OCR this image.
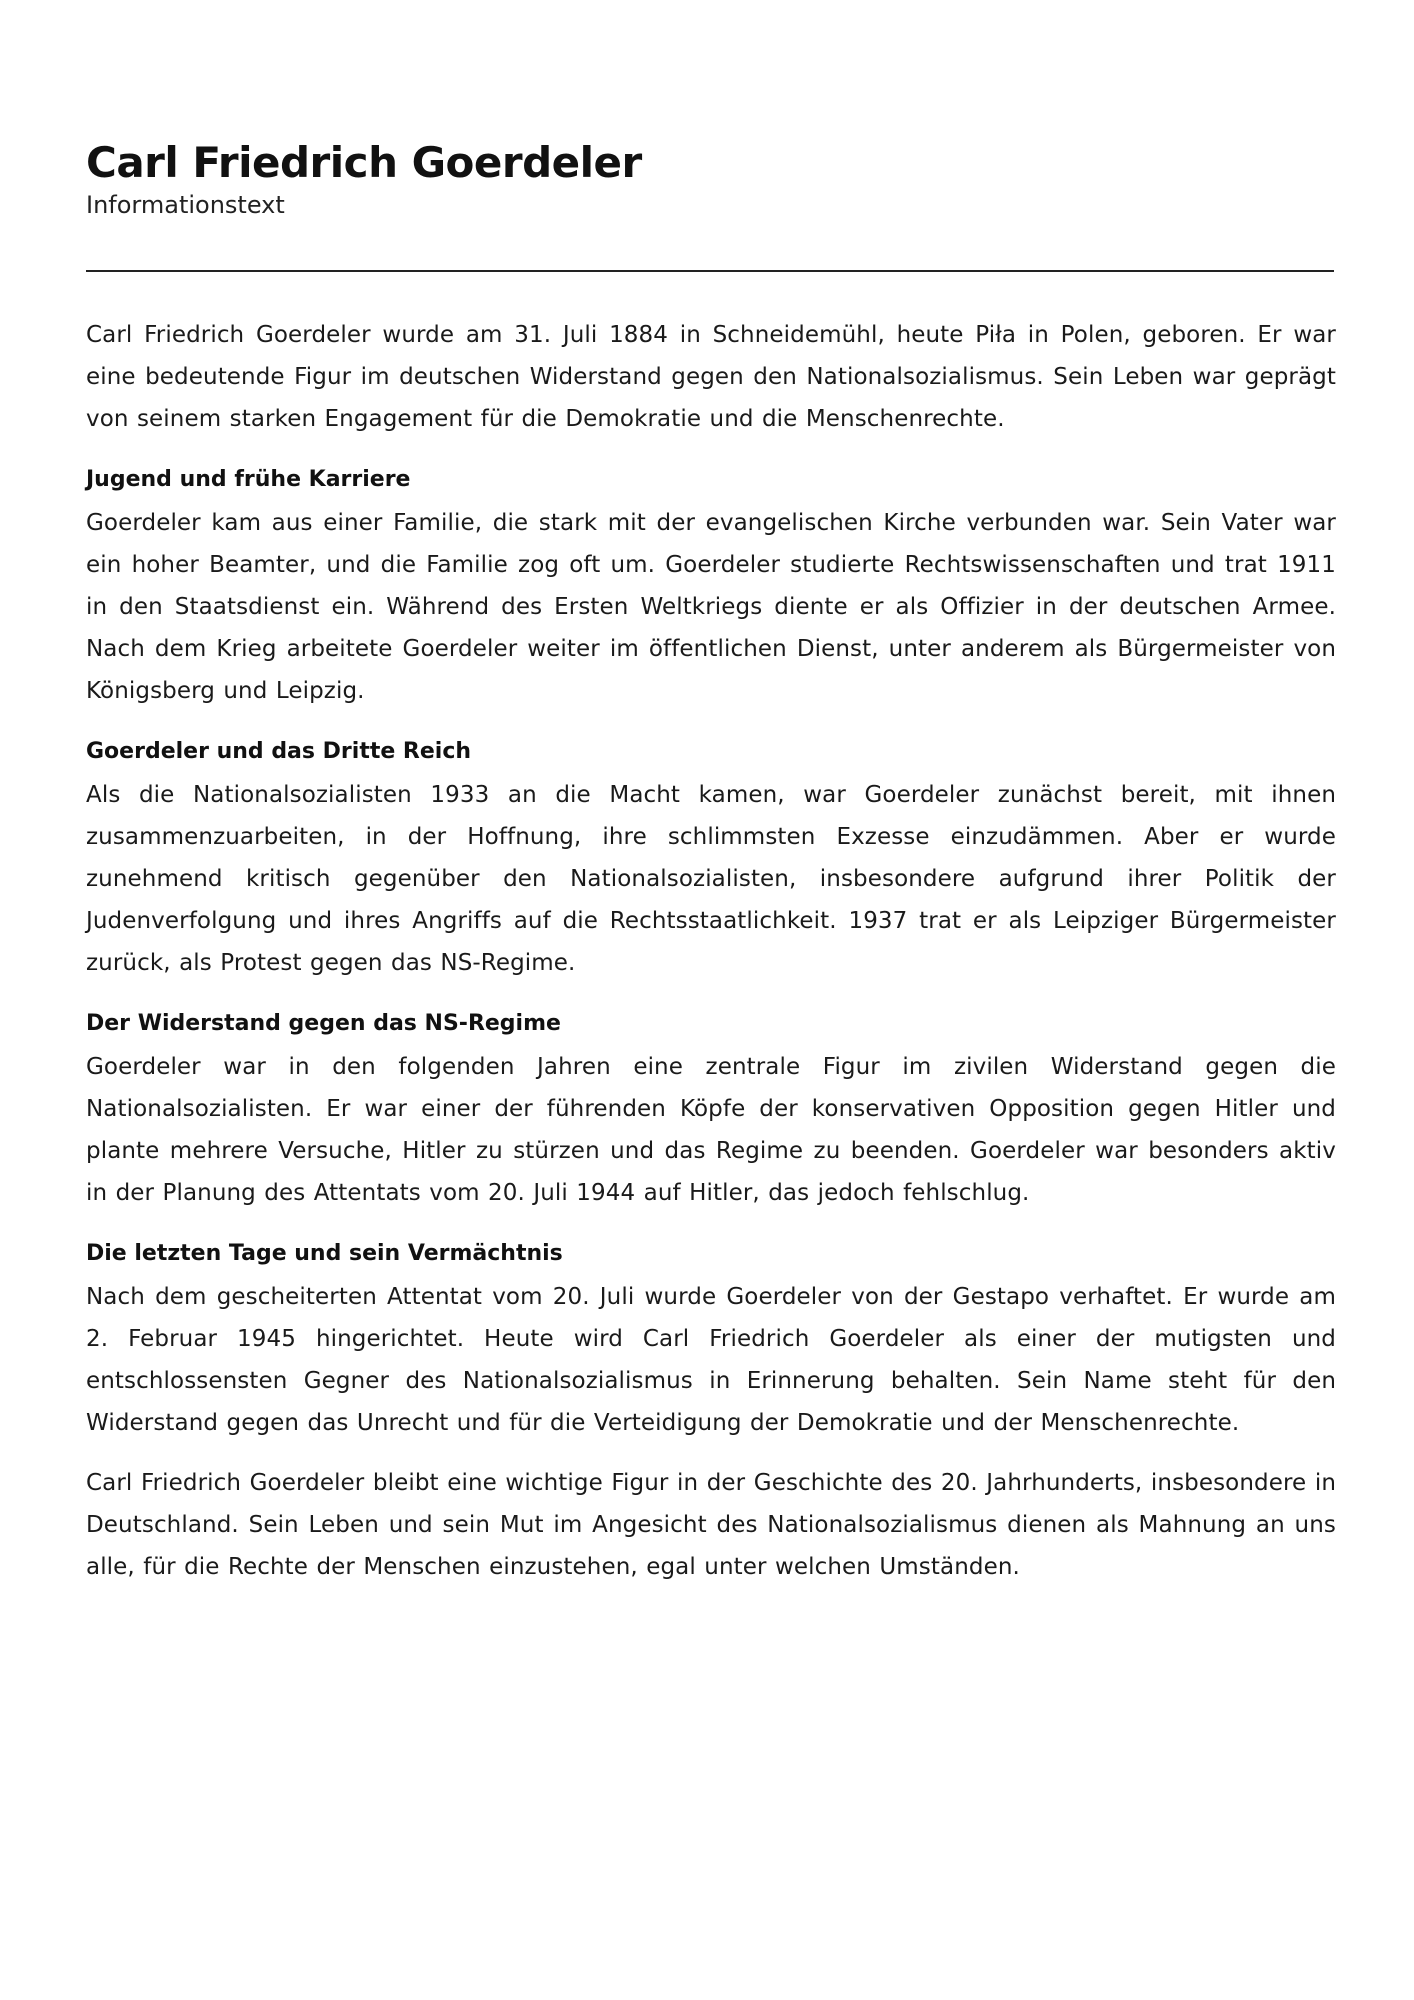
Carl Friedrich Goerdeler
Informationstext

Carl Friedrich Goerdeler wurde am 31. Juli 1884 in Schneidemühl, heute Piła in Polen, geboren. Er war eine bedeutende Figur im deutschen Widerstand gegen den Nationalsozialismus. Sein Leben war geprägt von seinem starken Engagement für die Demokratie und die Menschenrechte.

Jugend und frühe Karriere

Goerdeler kam aus einer Familie, die stark mit der evangelischen Kirche verbunden war. Sein Vater war ein hoher Beamter, und die Familie zog oft um. Goerdeler studierte Rechtswissenschaften und trat 1911 in den Staatsdienst ein. Während des Ersten Weltkriegs diente er als Offizier in der deutschen Armee. Nach dem Krieg arbeitete Goerdeler weiter im öffentlichen Dienst, unter anderem als Bürgermeister von Königsberg und Leipzig.

Goerdeler und das Dritte Reich

Als die Nationalsozialisten 1933 an die Macht kamen, war Goerdeler zunächst bereit, mit ihnen zusammenzuarbeiten, in der Hoffnung, ihre schlimmsten Exzesse einzudämmen. Aber er wurde zunehmend kritisch gegenüber den Nationalsozialisten, insbesondere aufgrund ihrer Politik der Judenverfolgung und ihres Angriffs auf die Rechtsstaatlichkeit. 1937 trat er als Leipziger Bürgermeister zurück, als Protest gegen das NS-Regime.

Der Widerstand gegen das NS-Regime

Goerdeler war in den folgenden Jahren eine zentrale Figur im zivilen Widerstand gegen die Nationalsozialisten. Er war einer der führenden Köpfe der konservativen Opposition gegen Hitler und plante mehrere Versuche, Hitler zu stürzen und das Regime zu beenden. Goerdeler war besonders aktiv in der Planung des Attentats vom 20. Juli 1944 auf Hitler, das jedoch fehlschlug.

Die letzten Tage und sein Vermächtnis

Nach dem gescheiterten Attentat vom 20. Juli wurde Goerdeler von der Gestapo verhaftet. Er wurde am 2. Februar 1945 hingerichtet. Heute wird Carl Friedrich Goerdeler als einer der mutigsten und entschlossensten Gegner des Nationalsozialismus in Erinnerung behalten. Sein Name steht für den Widerstand gegen das Unrecht und für die Verteidigung der Demokratie und der Menschenrechte.

Carl Friedrich Goerdeler bleibt eine wichtige Figur in der Geschichte des 20. Jahrhunderts, insbesondere in Deutschland. Sein Leben und sein Mut im Angesicht des Nationalsozialismus dienen als Mahnung an uns alle, für die Rechte der Menschen einzustehen, egal unter welchen Umständen.
